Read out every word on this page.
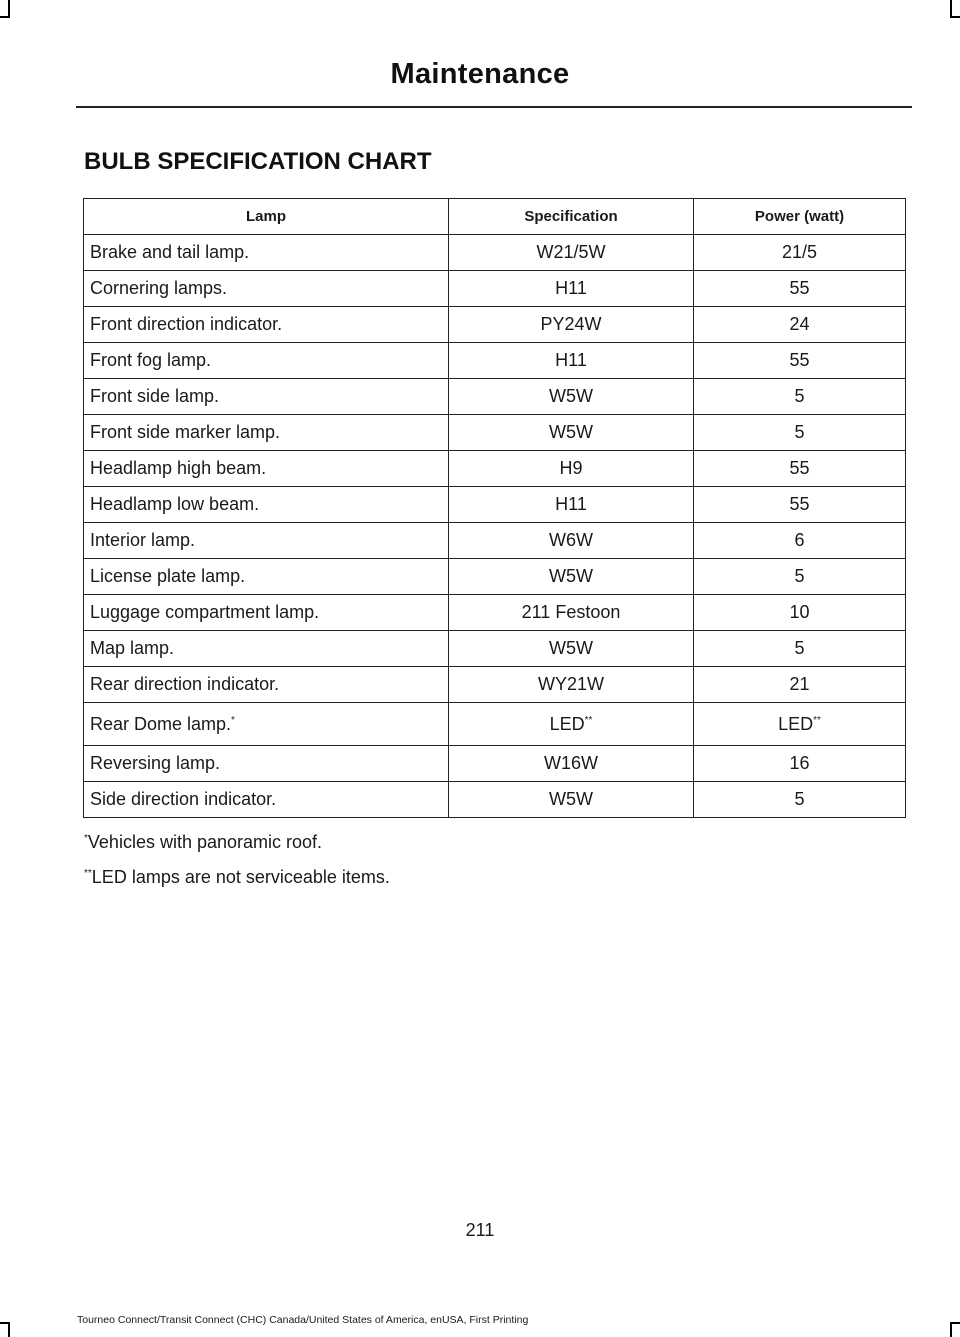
Maintenance
BULB SPECIFICATION CHART
Lamp	Specification	Power (watt)
Brake and tail lamp.	W21/5W	21/5
Cornering lamps.	H11	55
Front direction indicator.	PY24W	24
Front fog lamp.	H11	55
Front side lamp.	W5W	5
Front side marker lamp.	W5W	5
Headlamp high beam.	H9	55
Headlamp low beam.	H11	55
Interior lamp.	W6W	6
License plate lamp.	W5W	5
Luggage compartment lamp.	211 Festoon	10
Map lamp.	W5W	5
Rear direction indicator.	WY21W	21
Rear Dome lamp.*	LED**	LED**
Reversing lamp.	W16W	16
Side direction indicator.	W5W	5
*Vehicles with panoramic roof.
**LED lamps are not serviceable items.
211
Tourneo Connect/Transit Connect (CHC) Canada/United States of America, enUSA, First Printing
